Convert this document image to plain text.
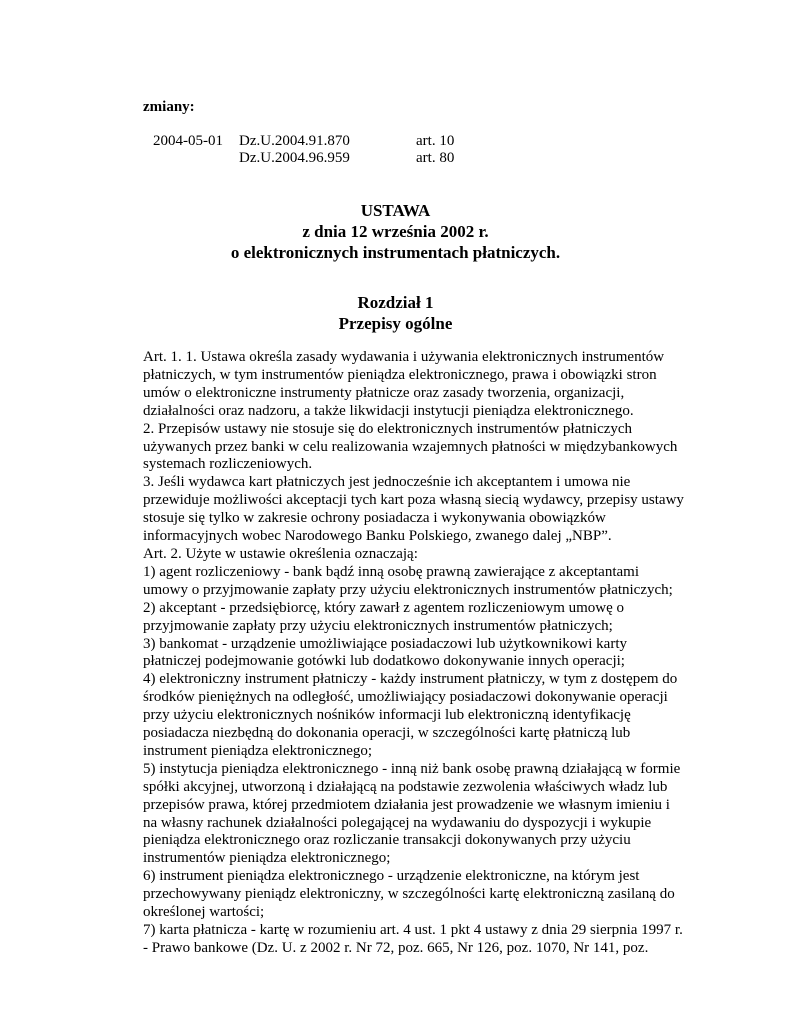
zmiany:
2004-05-01 Dz.U.2004.91.870	art. 10
Dz.U.2004.96.959	art. 80
USTAWA
z dnia 12 września 2002 r.
o elektronicznych instrumentach płatniczych.
Rozdział 1
Przepisy ogólne
Art. 1. 1. Ustawa określa zasady wydawania i używania elektronicznych instrumentów
płatniczych, w tym instrumentów pieniądza elektronicznego, prawa i obowiązki stron
umów o elektroniczne instrumenty płatnicze oraz zasady tworzenia, organizacji,
działalności oraz nadzoru, a także likwidacji instytucji pieniądza elektronicznego.
2. Przepisów ustawy nie stosuje się do elektronicznych instrumentów płatniczych
używanych przez banki w celu realizowania wzajemnych płatności w międzybankowych
systemach rozliczeniowych.
3. Jeśli wydawca kart płatniczych jest jednocześnie ich akceptantem i umowa nie
przewiduje możliwości akceptacji tych kart poza własną siecią wydawcy, przepisy ustawy
stosuje się tylko w zakresie ochrony posiadacza i wykonywania obowiązków
informacyjnych wobec Narodowego Banku Polskiego, zwanego dalej „NBP”.
Art. 2. Użyte w ustawie określenia oznaczają:
1) agent rozliczeniowy - bank bądź inną osobę prawną zawierające z akceptantami
umowy o przyjmowanie zapłaty przy użyciu elektronicznych instrumentów płatniczych;
2) akceptant - przedsiębiorcę, który zawarł z agentem rozliczeniowym umowę o
przyjmowanie zapłaty przy użyciu elektronicznych instrumentów płatniczych;
3) bankomat - urządzenie umożliwiające posiadaczowi lub użytkownikowi karty
płatniczej podejmowanie gotówki lub dodatkowo dokonywanie innych operacji;
4) elektroniczny instrument płatniczy - każdy instrument płatniczy, w tym z dostępem do
środków pieniężnych na odległość, umożliwiający posiadaczowi dokonywanie operacji
przy użyciu elektronicznych nośników informacji lub elektroniczną identyfikację
posiadacza niezbędną do dokonania operacji, w szczególności kartę płatniczą lub
instrument pieniądza elektronicznego;
5) instytucja pieniądza elektronicznego - inną niż bank osobę prawną działającą w formie
spółki akcyjnej, utworzoną i działającą na podstawie zezwolenia właściwych władz lub
przepisów prawa, której przedmiotem działania jest prowadzenie we własnym imieniu i
na własny rachunek działalności polegającej na wydawaniu do dyspozycji i wykupie
pieniądza elektronicznego oraz rozliczanie transakcji dokonywanych przy użyciu
instrumentów pieniądza elektronicznego;
6) instrument pieniądza elektronicznego - urządzenie elektroniczne, na którym jest
przechowywany pieniądz elektroniczny, w szczególności kartę elektroniczną zasilaną do
określonej wartości;
7) karta płatnicza - kartę w rozumieniu art. 4 ust. 1 pkt 4 ustawy z dnia 29 sierpnia 1997 r.
- Prawo bankowe (Dz. U. z 2002 r. Nr 72, poz. 665, Nr 126, poz. 1070, Nr 141, poz.
